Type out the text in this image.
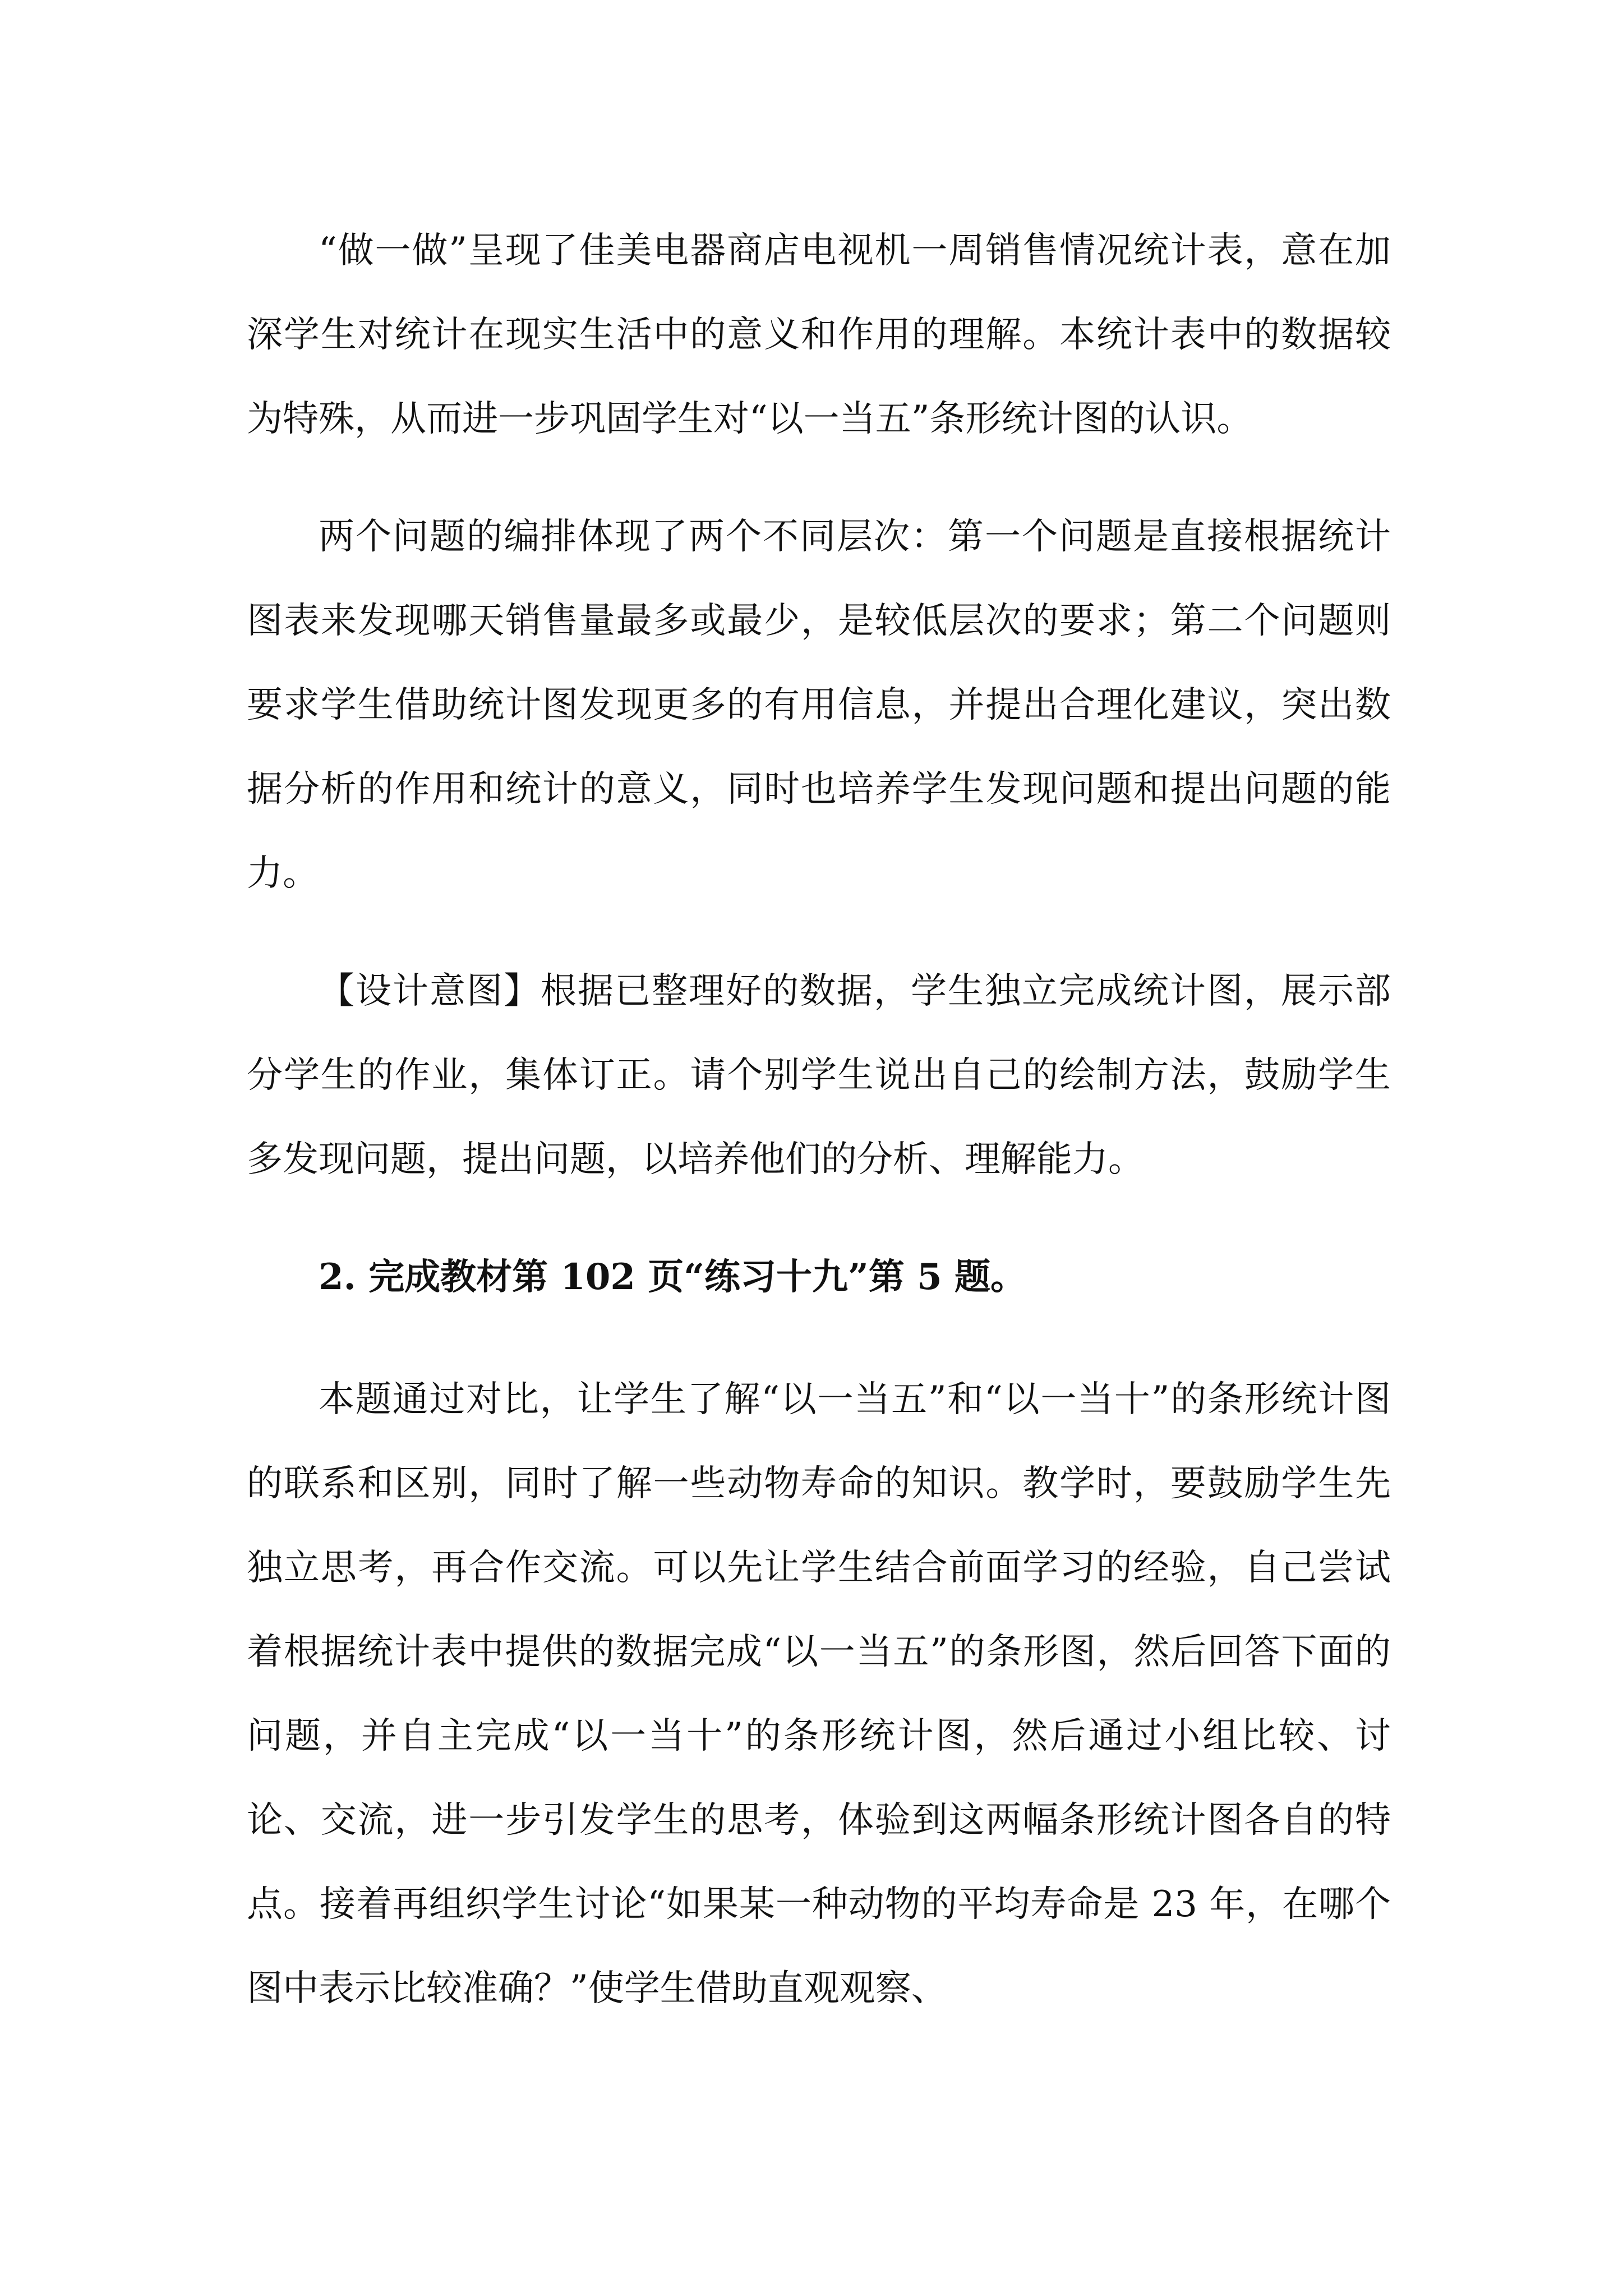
“做一做”呈现了佳美电器商店电视机一周销售情况统计表，意在加深学生对统计在现实生活中的意义和作用的理解。本统计表中的数据较为特殊，从而进一步巩固学生对“以一当五”条形统计图的认识。

两个问题的编排体现了两个不同层次：第一个问题是直接根据统计图表来发现哪天销售量最多或最少，是较低层次的要求；第二个问题则要求学生借助统计图发现更多的有用信息，并提出合理化建议，突出数据分析的作用和统计的意义，同时也培养学生发现问题和提出问题的能力。

【设计意图】根据已整理好的数据，学生独立完成统计图，展示部分学生的作业，集体订正。请个别学生说出自己的绘制方法，鼓励学生多发现问题，提出问题，以培养他们的分析、理解能力。

2. 完成教材第 102 页“练习十九”第 5 题。

本题通过对比，让学生了解“以一当五”和“以一当十”的条形统计图的联系和区别，同时了解一些动物寿命的知识。教学时，要鼓励学生先独立思考，再合作交流。可以先让学生结合前面学习的经验，自己尝试着根据统计表中提供的数据完成“以一当五”的条形图，然后回答下面的问题，并自主完成“以一当十”的条形统计图，然后通过小组比较、讨论、交流，进一步引发学生的思考，体验到这两幅条形统计图各自的特点。接着再组织学生讨论“如果某一种动物的平均寿命是 23 年，在哪个图中表示比较准确？”使学生借助直观观察、
